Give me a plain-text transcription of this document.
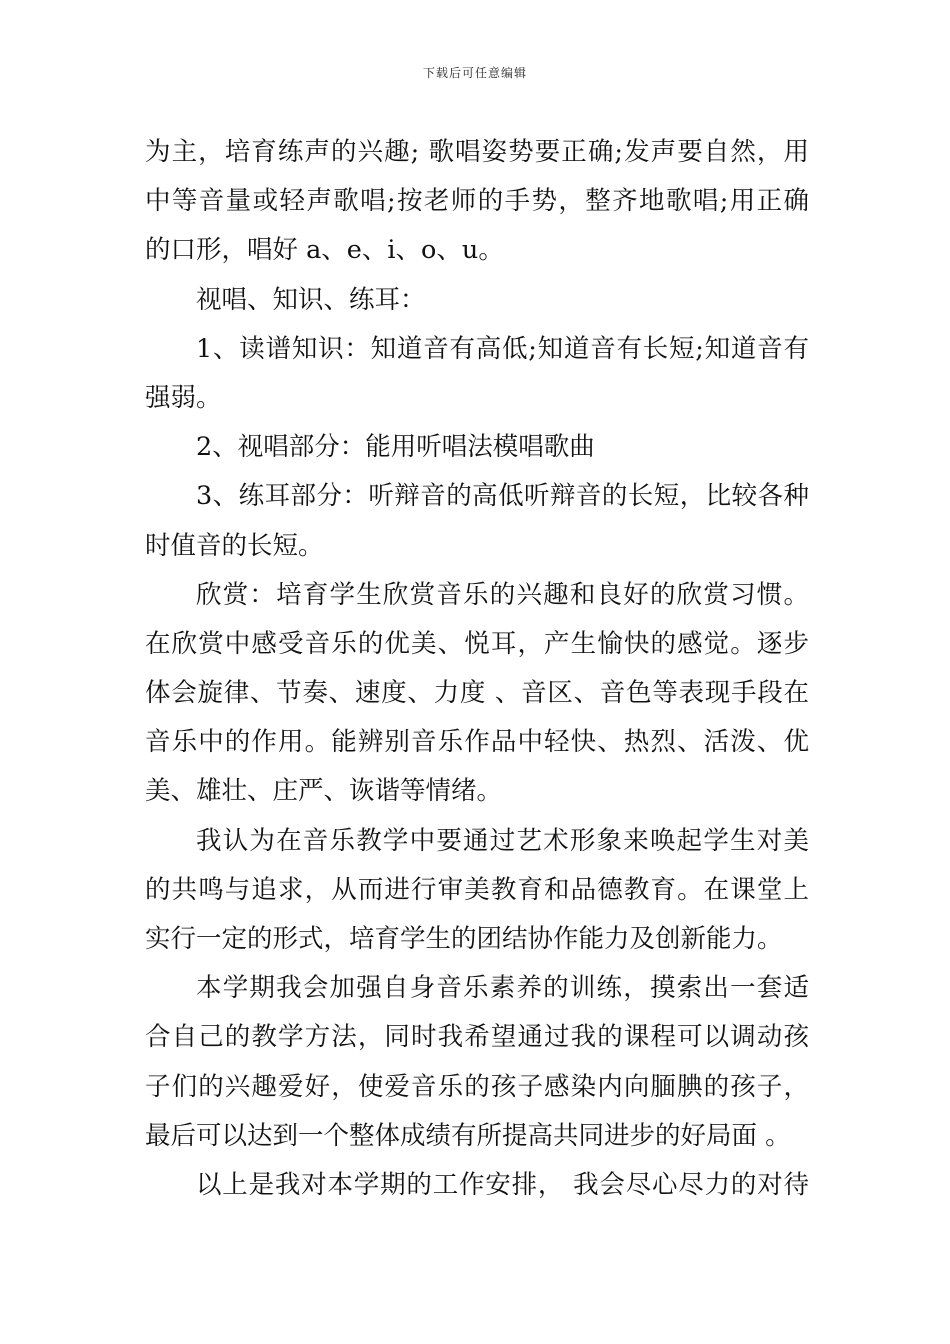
下载后可任意编辑
为主，培育练声的兴趣; 歌唱姿势要正确;发声要自然，用
中等音量或轻声歌唱;按老师的手势，整齐地歌唱;用正确
的口形，唱好 a、e、i、o、u。
视唱、知识、练耳：
1、读谱知识：知道音有高低;知道音有长短;知道音有
强弱。
2、视唱部分：能用听唱法模唱歌曲
3、练耳部分：听辩音的高低听辩音的长短，比较各种
时值音的长短。
欣赏：培育学生欣赏音乐的兴趣和良好的欣赏习惯。
在欣赏中感受音乐的优美、悦耳，产生愉快的感觉。逐步
体会旋律、节奏、速度、力度 、音区、音色等表现手段在
音乐中的作用。能辨别音乐作品中轻快、热烈、活泼、优
美、雄壮、庄严、诙谐等情绪。
我认为在音乐教学中要通过艺术形象来唤起学生对美
的共鸣与追求，从而进行审美教育和品德教育。在课堂上
实行一定的形式，培育学生的团结协作能力及创新能力。
本学期我会加强自身音乐素养的训练，摸索出一套适
合自己的教学方法，同时我希望通过我的课程可以调动孩
子们的兴趣爱好，使爱音乐的孩子感染内向腼腆的孩子，
最后可以达到一个整体成绩有所提高共同进步的好局面 。
以上是我对本学期的工作安排， 我会尽心尽力的对待
